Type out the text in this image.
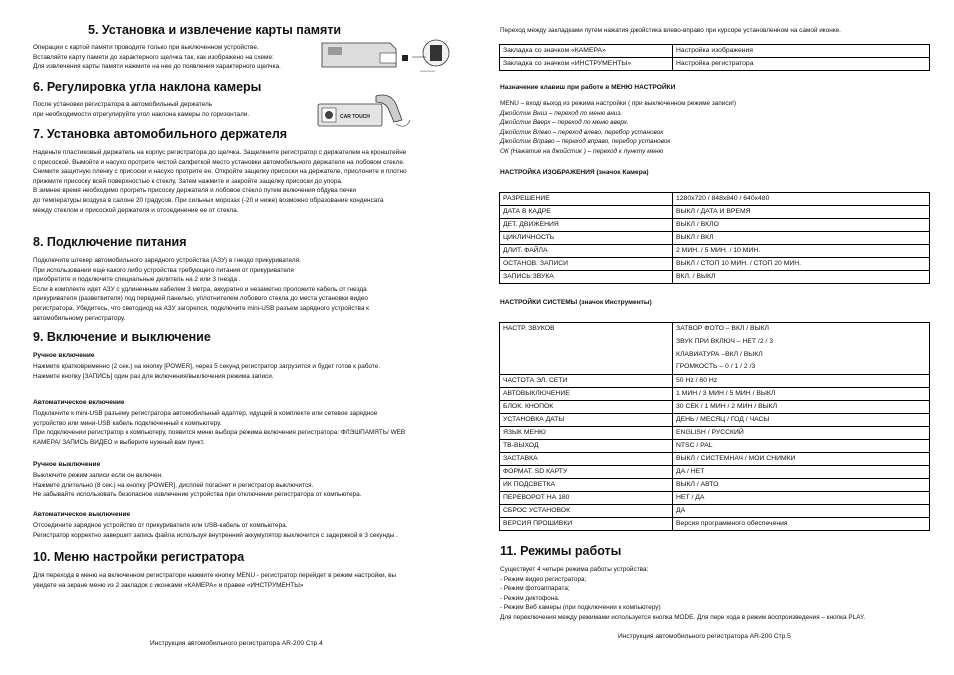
5. Установка и извлечение карты памяти
Операции с картой памяти проводите только при выключенном устройстве.
Вставляйте карту памяти до характерного щелчка так, как изображено на схеме:
Для извлечения карты памяти нажмите на нее до появления характерного щелчка.
▪▪▪▪▪▪▪▪▪▪▪▪▪▪
6. Регулировка угла наклона камеры
После установки регистратора в автомобильный держатель
при необходимости отрегулируйте угол наклона камеры по горизонтали.	CAR TOUCH
7. Установка автомобильного держателя
Наденьте пластиковый держатель на корпус регистратора до щелчка. Защелкните регистратор с держателем на кронштейне
с присоской. Вымойте и насухо протрите чистой салфеткой место установки автомобильного держателя на лобовом стекле.
Снимите защитную пленку с присоски и насухо протрите ее. Откройте защелку присоски на держателе, прислоните и плотно
прижмите присоску всей поверхностью к стеклу, Затем нажмите и закройте защелку присоски до упора.
В зимнее время необходимо прогреть присоску держателя и лобовое стекло путем включения обдува печки
до температуры воздуха в салоне 20 градусов. При сильных морозах (-20 и ниже) возможно образование конденсата
между стеклом и присоской держателя и отсоединение ее от стекла.
8. Подключение питания
Подключите штекер автомобильного зарядного устройства (АЗУ) в гнездо прикуривателя.
При использовании еще какого либо устройства требующего питания от прикуривателя
приобретите и подключите специальные делитель на 2 или 3 гнезда .
Если в комплекте идет АЗУ с удлиненным кабелем 3 метра, аккуратно и незаметно проложите кабель от гнезда
прикуривателя (разветвителя) под передней панелью, уплотнителем лобового стекла до места установки видео
регистратора. Убедитесь, что светодиод на АЗУ загорелся, подключите mini-USB разъем зарядного устройства к
автомобильному регистратору.
9. Включение и выключение
Ручное включение
Нажмите кратковременно (2 сек.) на кнопку [POWER], через 5 секунд регистратор загрузится и будет готов к работе.
Нажмите кнопку [ЗАПИСЬ] один раз для включения/выключения режима записи.
Автоматическое включение
Подключите к mini-USB разъему регистратора автомобильный адаптер, идущий в комплекте или сетевое зарядное
устройство или мини-USB кабель подключенный к компьютеру.
При подключении регистратор к компьютеру, появится меню выбора режима включения регистратора: ФЛЭШПАМЯТЬ/ WEB
КАМЕРА/ ЗАПИСЬ ВИДЕО и выберите нужный вам пункт.
Ручное выключение
Выключите режим записи если он включен.
Нажмите длительно (8 сек.) на кнопку [POWER], дисплей погаснет и регистратор выключится.
Не забывайте использовать безопасное извлечение устройства при отключении регистратора от компьютера.
Автоматическое выключение
Отсоедините зарядное устройство от прикуривателя или USB-кабель от компьютера.
Регистратор корректно завершит запись файла используя внутренний аккумулятор выключится с задержкой в 3 секунды .
10. Меню настройки регистратора
Для перехода в меню на включенном регистраторе нажмите кнопку MENU - регистратор перейдет в режим настройки, вы
увидете на экране меню из 2 закладок с иконками «КАМЕРА» и правее «ИНСТРУМЕНТЫ»
Инструкция автомобильного регистратора AR-200 Стр.4
Переход между закладками путем нажатия джойстика влево-вправо при курсоре установленном на самой иконке.
Закладка со значком «КАМЕРА»	Настройка изображения
Закладка со значком «ИНСТРУМЕНТЫ»	Настройка регистратора
Назначение клавиш при работе в МЕНЮ НАСТРОЙКИ
MENU – вход/ выход из режима настройки ( при выключенном режиме записи!)
Джойстик Вниз – переход по меню вниз.
Джойстик Вверх – переход по меню вверх.
Джойстик Влево – переход влево, перебор установок
Джойстик Вправо – переход вправо, перебор установок
ОК (Нажатие на джойстик ) – переход к пункту меню
НАСТРОЙКА ИЗОБРАЖЕНИЯ (значок Камера)
РАЗРЕШЕНИЕ	1280x720 / 848x840 / 640x480
ДАТА В КАДРЕ	ВЫКЛ / ДАТА И ВРЕМЯ
ДЕТ. ДВИЖЕНИЯ	ВЫКЛ / ВКЛО
ЦИКЛИЧНОСТЬ	ВЫКЛ / ВКЛ
ДЛИТ. ФАЙЛА	2 МИН. / 5 МИН. / 10 МИН.
ОСТАНОВ. ЗАПИСИ	ВЫКЛ / СТОП 10 МИН. / СТОП 20 МИН.
ЗАПИСЬ ЗВУКА	ВКЛ. / ВЫКЛ
НАСТРОЙКИ СИСТЕМЫ (значок Инструменты)
НАСТР. ЗВУКОВ	ЗАТВОР ФОТО – ВКЛ / ВЫКЛ
ЗВУК ПРИ ВКЛЮЧ – НЕТ /2 / 3
КЛАВИАТУРА –ВКЛ / ВЫКЛ
ГРОМКОСТЬ – 0 / 1 / 2 /3

ЧАСТОТА ЭЛ. СЕТИ	50 Hz / 60 Hz
АВТОВЫКЛЮЧЕНИЕ	1 МИН / 3 МИН / 5 МИН / ВЫКЛ
БЛОК. КНОПОК	30 СЕК / 1 МИН / 2 МИН / ВЫКЛ
УСТАНОВКА ДАТЫ	ДЕНЬ / МЕСЯЦ / ГОД / ЧАСЫ
ЯЗЫК МЕНЮ	ENGLISH / РУССКИЙ
ТВ-ВЫХОД	NTSC / PAL
ЗАСТАВКА	ВЫКЛ / СИСТЕМНАЧ / МОИ СНИМКИ
ФОРМАТ. SD КАРТУ	ДА / НЕТ
ИК ПОДСВЕТКА	ВЫКЛ / АВТО
ПЕРЕВОРОТ НА 180	НЕТ / ДА
СБРОС УСТАНОВОК	ДА
ВЕРСИЯ ПРОШИВКИ	Версия программного обеспечения
11. Режимы работы
Существует 4 четыре режима работы устройства:
- Режим видео регистратора;
- Режим фотоаппарата;
- Режим диктофона.
- Режим Веб камеры (при подключении к компьютеру)
Для переключения между режимами используется кнопка MODE. Для пере хода в режим воспроизведения – кнопка PLAY.
Инструкция автомобильного регистратора AR-200 Стр.5
